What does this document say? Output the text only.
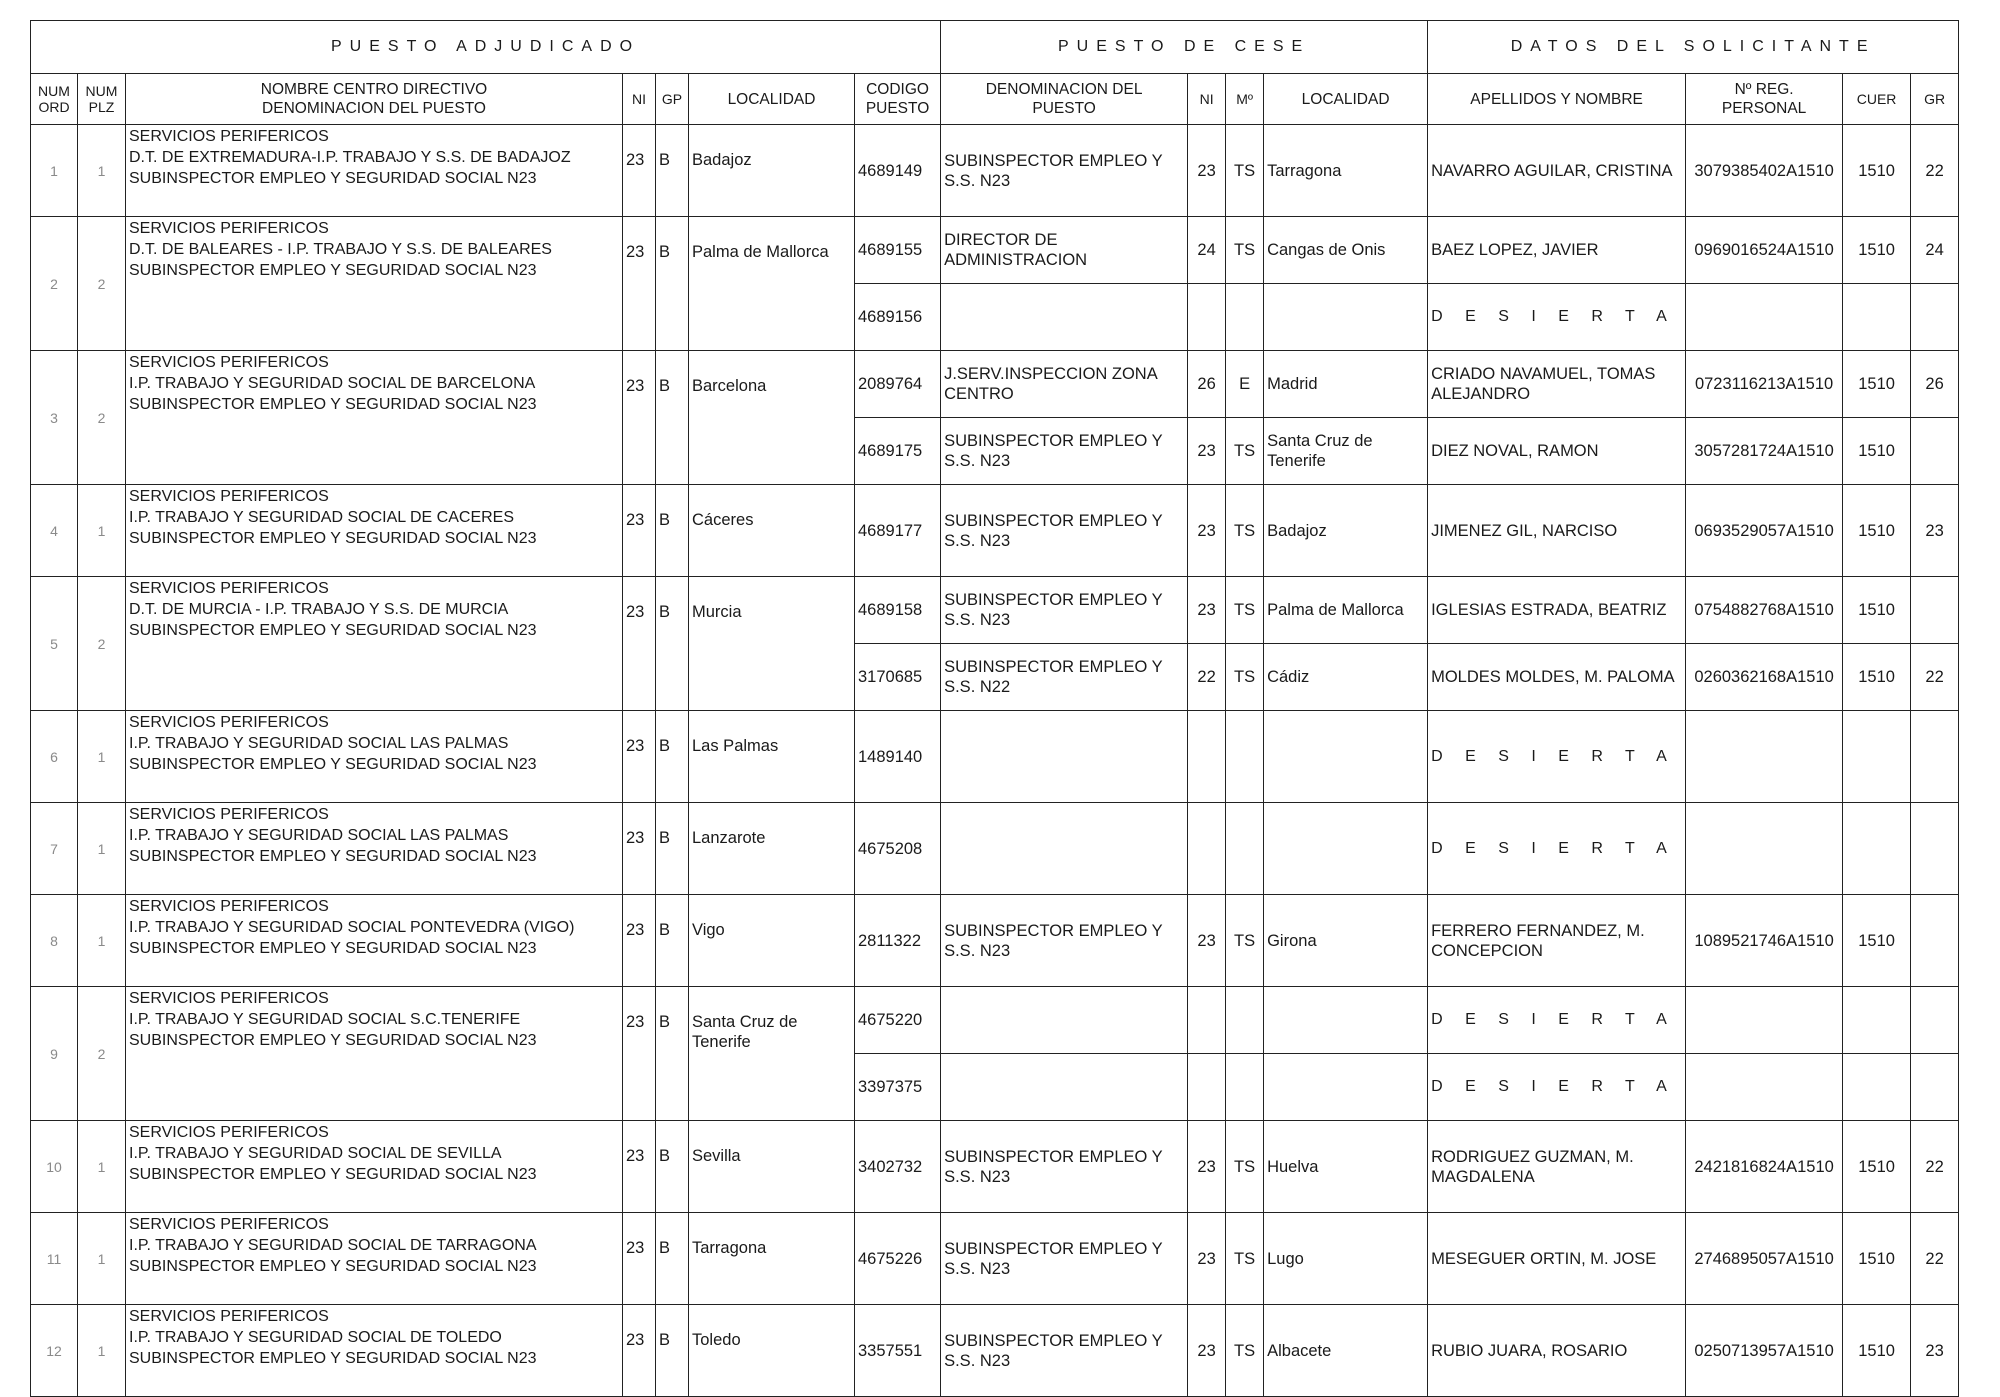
PUESTO ADJUDICADO							PUESTO DE CESE				DATOS DEL SOLICITANTE			
NUM ORD	NUM PLZ	NOMBRE CENTRO DIRECTIVO DENOMINACION DEL PUESTO	NI	GP	LOCALIDAD	CODIGO PUESTO	DENOMINACION DEL PUESTO	NI	Mº	LOCALIDAD	APELLIDOS Y NOMBRE	Nº REG. PERSONAL	CUER	GR
1	1	SERVICIOS PERIFERICOS
D.T. DE EXTREMADURA-I.P. TRABAJO Y S.S. DE BADAJOZ
SUBINSPECTOR EMPLEO Y SEGURIDAD SOCIAL N23	23	B	Badajoz	4689149	SUBINSPECTOR EMPLEO Y S.S. N23	23	TS	Tarragona	NAVARRO AGUILAR, CRISTINA	3079385402A1510	1510	22
2	2	SERVICIOS PERIFERICOS
D.T. DE BALEARES - I.P. TRABAJO Y S.S. DE BALEARES
SUBINSPECTOR EMPLEO Y SEGURIDAD SOCIAL N23	23	B	Palma de Mallorca	4689155	DIRECTOR DE ADMINISTRACION	24	TS	Cangas de Onis	BAEZ LOPEZ, JAVIER	0969016524A1510	1510	24
						4689156					D E S I E R T A			
3	2	SERVICIOS PERIFERICOS
I.P. TRABAJO Y SEGURIDAD SOCIAL DE BARCELONA
SUBINSPECTOR EMPLEO Y SEGURIDAD SOCIAL N23	23	B	Barcelona	2089764	J.SERV.INSPECCION ZONA CENTRO	26	E	Madrid	CRIADO NAVAMUEL, TOMAS ALEJANDRO	0723116213A1510	1510	26
						4689175	SUBINSPECTOR EMPLEO Y S.S. N23	23	TS	Santa Cruz de Tenerife	DIEZ NOVAL, RAMON	3057281724A1510	1510	
4	1	SERVICIOS PERIFERICOS
I.P. TRABAJO Y SEGURIDAD SOCIAL DE CACERES
SUBINSPECTOR EMPLEO Y SEGURIDAD SOCIAL N23	23	B	Cáceres	4689177	SUBINSPECTOR EMPLEO Y S.S. N23	23	TS	Badajoz	JIMENEZ GIL, NARCISO	0693529057A1510	1510	23
5	2	SERVICIOS PERIFERICOS
D.T. DE MURCIA - I.P. TRABAJO Y S.S. DE MURCIA
SUBINSPECTOR EMPLEO Y SEGURIDAD SOCIAL N23	23	B	Murcia	4689158	SUBINSPECTOR EMPLEO Y S.S. N23	23	TS	Palma de Mallorca	IGLESIAS ESTRADA, BEATRIZ	0754882768A1510	1510	
						3170685	SUBINSPECTOR EMPLEO Y S.S. N22	22	TS	Cádiz	MOLDES MOLDES, M. PALOMA	0260362168A1510	1510	22
6	1	SERVICIOS PERIFERICOS
I.P. TRABAJO Y SEGURIDAD SOCIAL LAS PALMAS
SUBINSPECTOR EMPLEO Y SEGURIDAD SOCIAL N23	23	B	Las Palmas	1489140					D E S I E R T A			
7	1	SERVICIOS PERIFERICOS
I.P. TRABAJO Y SEGURIDAD SOCIAL LAS PALMAS
SUBINSPECTOR EMPLEO Y SEGURIDAD SOCIAL N23	23	B	Lanzarote	4675208					D E S I E R T A			
8	1	SERVICIOS PERIFERICOS
I.P. TRABAJO Y SEGURIDAD SOCIAL PONTEVEDRA (VIGO)
SUBINSPECTOR EMPLEO Y SEGURIDAD SOCIAL N23	23	B	Vigo	2811322	SUBINSPECTOR EMPLEO Y S.S. N23	23	TS	Girona	FERRERO FERNANDEZ, M. CONCEPCION	1089521746A1510	1510	
9	2	SERVICIOS PERIFERICOS
I.P. TRABAJO Y SEGURIDAD SOCIAL S.C.TENERIFE
SUBINSPECTOR EMPLEO Y SEGURIDAD SOCIAL N23	23	B	Santa Cruz de Tenerife	4675220					D E S I E R T A			
						3397375					D E S I E R T A			
10	1	SERVICIOS PERIFERICOS
I.P. TRABAJO Y SEGURIDAD SOCIAL DE SEVILLA
SUBINSPECTOR EMPLEO Y SEGURIDAD SOCIAL N23	23	B	Sevilla	3402732	SUBINSPECTOR EMPLEO Y S.S. N23	23	TS	Huelva	RODRIGUEZ GUZMAN, M. MAGDALENA	2421816824A1510	1510	22
11	1	SERVICIOS PERIFERICOS
I.P. TRABAJO Y SEGURIDAD SOCIAL DE TARRAGONA
SUBINSPECTOR EMPLEO Y SEGURIDAD SOCIAL N23	23	B	Tarragona	4675226	SUBINSPECTOR EMPLEO Y S.S. N23	23	TS	Lugo	MESEGUER ORTIN, M. JOSE	2746895057A1510	1510	22
12	1	SERVICIOS PERIFERICOS
I.P. TRABAJO Y SEGURIDAD SOCIAL DE TOLEDO
SUBINSPECTOR EMPLEO Y SEGURIDAD SOCIAL N23	23	B	Toledo	3357551	SUBINSPECTOR EMPLEO Y S.S. N23	23	TS	Albacete	RUBIO JUARA, ROSARIO	0250713957A1510	1510	23
